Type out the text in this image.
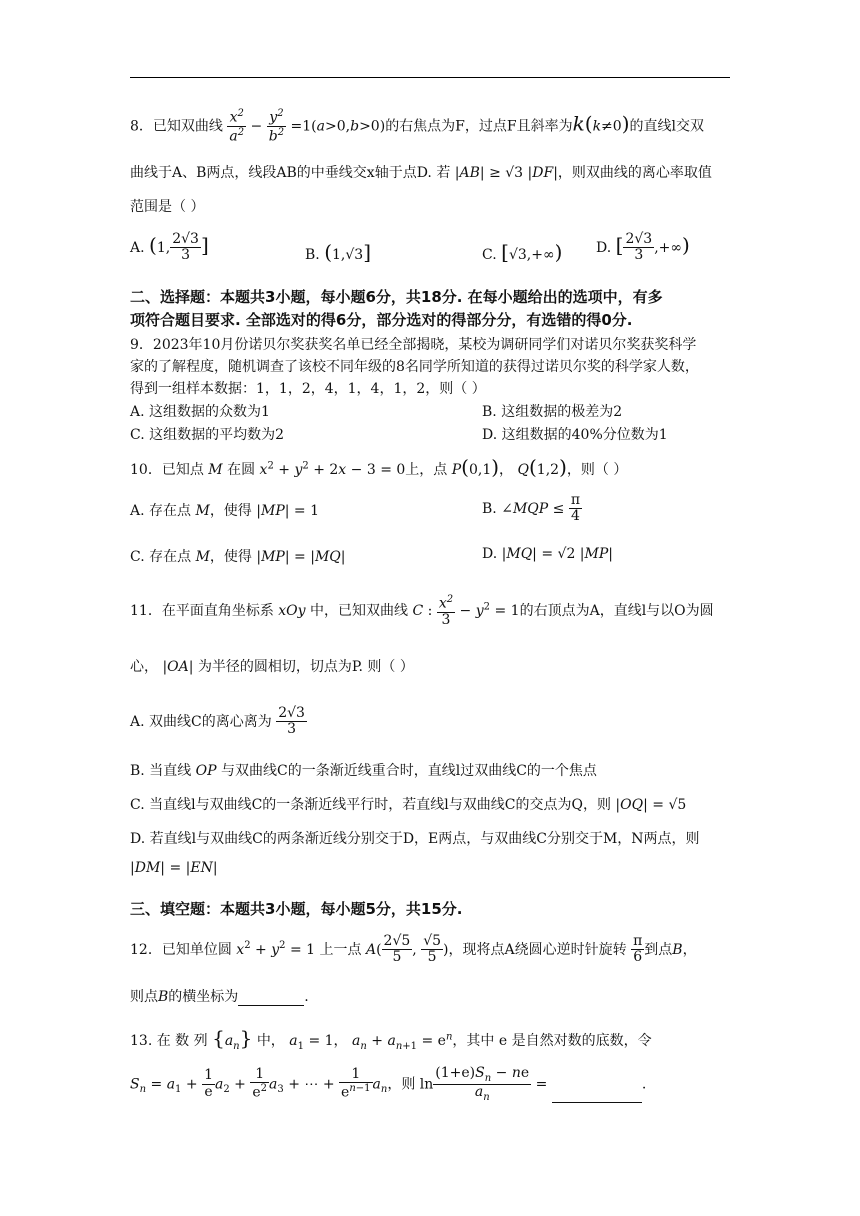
8．已知双曲线 $\frac{x^2}{a^2} - \frac{y^2}{b^2} =1(a>0,b>0)$的右焦点为F，过点F且斜率为k(k≠0)的直线l交双
曲线于A、B两点，线段AB的中垂线交x轴于点D. 若 |AB| ≥ √3 |DF|，则双曲线的离心率取值
范围是（ ）
A. (1, $\frac{2√3}{3}$ ]	B. (1,√3]	C. [√3,+∞) D. [ $\frac{2√3}{3}$ ,+∞)
二、选择题：本题共3小题，每小题6分，共18分. 在每小题给出的选项中，有多
项符合题目要求. 全部选对的得6分，部分选对的得部分分，有选错的得0分.
9．2023年10月份诺贝尔奖获奖名单已经全部揭晓，某校为调研同学们对诺贝尔奖获奖科学
家的了解程度，随机调查了该校不同年级的8名同学所知道的获得过诺贝尔奖的科学家人数，
得到一组样本数据：1，1，2，4，1，4，1，2，则（ ）
A. 这组数据的众数为1	B. 这组数据的极差为2
C. 这组数据的平均数为2	D. 这组数据的40%分位数为1
10．已知点 M 在圆 $x^2 + y^2 + 2x - 3 = 0$上，点 P(0,1)， Q(1,2)，则（ ）
A. 存在点 M，使得 |MP| = 1	B. ∠MQP ≤ $\frac{\pi}{4}$
C. 存在点 M，使得 |MP| = |MQ|	D. |MQ| = √2 |MP|
11．在平面直角坐标系 xOy 中，已知双曲线 C : $\frac{x^2}{3} - y^2 = 1$的右顶点为A，直线l与以O为圆
心， |OA| 为半径的圆相切，切点为P. 则（ ）
A. 双曲线C的离心离为 $\frac{2√3}{3}$
B. 当直线 OP 与双曲线C的一条渐近线重合时，直线l过双曲线C的一个焦点
C. 当直线l与双曲线C的一条渐近线平行时，若直线l与双曲线C的交点为Q，则 |OQ| = √5
D. 若直线l与双曲线C的两条渐近线分别交于D，E两点，与双曲线C分别交于M，N两点，则
|DM| = |EN|
三、填空题：本题共3小题，每小题5分，共15分.
12．已知单位圆 $x^2 + y^2 = 1$ 上一点 $A( \frac{2√5}{5}$ , $\frac{√5}{5}$ )，现将点A绕圆心逆时针旋转 $\frac{\pi}{6}$ 到点B，
则点B的横坐标为	.
13. 在 数 列 $\{a_n\}$ 中， $a_1 = 1$， $a_n + a_{n+1} = e^n$，其中 e 是自然对数的底数，令
$S_n = a_1 + \frac{1}{e} a_2 + \frac{1}{e^2} a_3$ + ⋯ + $\frac{1}{e^{n-1}} a_n$，则 $\ln \frac{(1+e)S_n - ne}{a_n}$ =	.
